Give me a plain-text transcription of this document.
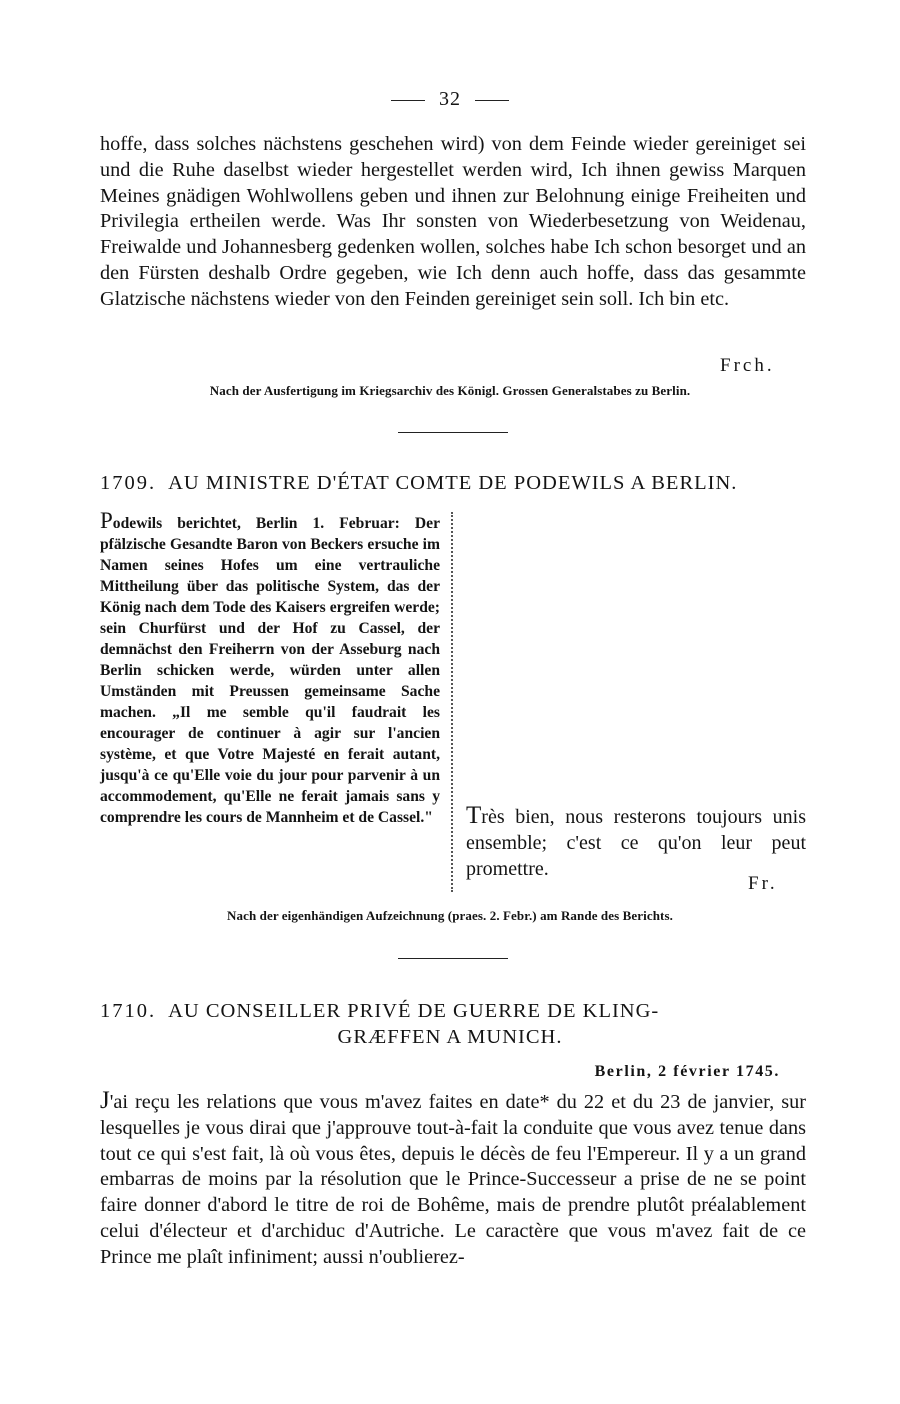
32
hoffe, dass solches nächstens geschehen wird) von dem Feinde wieder gereiniget sei und die Ruhe daselbst wieder hergestellet werden wird, Ich ihnen gewiss Marquen Meines gnädigen Wohlwollens geben und ihnen zur Belohnung einige Freiheiten und Privilegia ertheilen werde. Was Ihr sonsten von Wiederbesetzung von Weidenau, Freiwalde und Johannesberg gedenken wollen, solches habe Ich schon besorget und an den Fürsten deshalb Ordre gegeben, wie Ich denn auch hoffe, dass das gesammte Glatzische nächstens wieder von den Feinden gereiniget sein soll. Ich bin etc.
Frch.
Nach der Ausfertigung im Kriegsarchiv des Königl. Grossen Generalstabes zu Berlin.
1709. AU MINISTRE D'ÉTAT COMTE DE PODEWILS A BERLIN.
Podewils berichtet, Berlin 1. Februar: Der pfälzische Gesandte Baron von Beckers ersuche im Namen seines Hofes um eine vertrauliche Mittheilung über das politische System, das der König nach dem Tode des Kaisers ergreifen werde; sein Churfürst und der Hof zu Cassel, der demnächst den Freiherrn von der Asseburg nach Berlin schicken werde, würden unter allen Umständen mit Preussen gemeinsame Sache machen. „Il me semble qu'il faudrait les encourager de continuer à agir sur l'ancien système, et que Votre Majesté en ferait autant, jusqu'à ce qu'Elle voie du jour pour parvenir à un accommodement, qu'Elle ne ferait jamais sans y comprendre les cours de Mannheim et de Cassel." Très bien, nous resterons toujours unis ensemble; c'est ce qu'on leur peut promettre.
Fr.
Nach der eigenhändigen Aufzeichnung (praes. 2. Febr.) am Rande des Berichts.
1710. AU CONSEILLER PRIVÉ DE GUERRE DE KLING-
GRÆFFEN A MUNICH.
Berlin, 2 février 1745.
J'ai reçu les relations que vous m'avez faites en date* du 22 et du 23 de janvier, sur lesquelles je vous dirai que j'approuve tout-à-fait la conduite que vous avez tenue dans tout ce qui s'est fait, là où vous êtes, depuis le décès de feu l'Empereur. Il y a un grand embarras de moins par la résolution que le Prince-Successeur a prise de ne se point faire donner d'abord le titre de roi de Bohême, mais de prendre plutôt préalablement celui d'électeur et d'archiduc d'Autriche. Le caractère que vous m'avez fait de ce Prince me plaît infiniment; aussi n'oublierez-
